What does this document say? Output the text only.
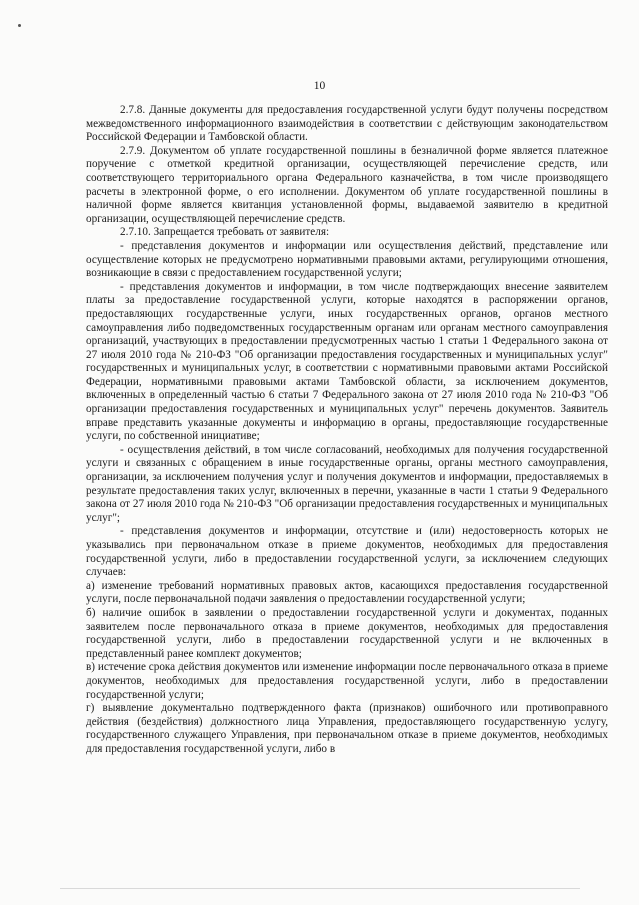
10

2.7.8. Данные документы для предоставления государственной услуги будут получены посредством межведомственного информационного взаимодействия в соответствии с действующим законодательством Российской Федерации и Тамбовской области.

2.7.9. Документом об уплате государственной пошлины в безналичной форме является платежное поручение с отметкой кредитной организации, осуществляющей перечисление средств, или соответствующего территориального органа Федерального казначейства, в том числе производящего расчеты в электронной форме, о его исполнении. Документом об уплате государственной пошлины в наличной форме является квитанция установленной формы, выдаваемой заявителю в кредитной организации, осуществляющей перечисление средств.

2.7.10. Запрещается требовать от заявителя:

- представления документов и информации или осуществления действий, представление или осуществление которых не предусмотрено нормативными правовыми актами, регулирующими отношения, возникающие в связи с предоставлением государственной услуги;

- представления документов и информации, в том числе подтверждающих внесение заявителем платы за предоставление государственной услуги, которые находятся в распоряжении органов, предоставляющих государственные услуги, иных государственных органов, органов местного самоуправления либо подведомственных государственным органам или органам местного самоуправления организаций, участвующих в предоставлении предусмотренных частью 1 статьи 1 Федерального закона от 27 июля 2010 года № 210-ФЗ "Об организации предоставления государственных и муниципальных услуг" государственных и муниципальных услуг, в соответствии с нормативными правовыми актами Российской Федерации, нормативными правовыми актами Тамбовской области, за исключением документов, включенных в определенный частью 6 статьи 7 Федерального закона от 27 июля 2010 года № 210-ФЗ "Об организации предоставления государственных и муниципальных услуг" перечень документов. Заявитель вправе представить указанные документы и информацию в органы, предоставляющие государственные услуги, по собственной инициативе;

- осуществления действий, в том числе согласований, необходимых для получения государственной услуги и связанных с обращением в иные государственные органы, органы местного самоуправления, организации, за исключением получения услуг и получения документов и информации, предоставляемых в результате предоставления таких услуг, включенных в перечни, указанные в части 1 статьи 9 Федерального закона от 27 июля 2010 года № 210-ФЗ "Об организации предоставления государственных и муниципальных услуг";

- представления документов и информации, отсутствие и (или) недостоверность которых не указывались при первоначальном отказе в приеме документов, необходимых для предоставления государственной услуги, либо в предоставлении государственной услуги, за исключением следующих случаев:

а) изменение требований нормативных правовых актов, касающихся предоставления государственной услуги, после первоначальной подачи заявления о предоставлении государственной услуги;

б) наличие ошибок в заявлении о предоставлении государственной услуги и документах, поданных заявителем после первоначального отказа в приеме документов, необходимых для предоставления государственной услуги, либо в предоставлении государственной услуги и не включенных в представленный ранее комплект документов;

в) истечение срока действия документов или изменение информации после первоначального отказа в приеме документов, необходимых для предоставления государственной услуги, либо в предоставлении государственной услуги;

г) выявление документально подтвержденного факта (признаков) ошибочного или противоправного действия (бездействия) должностного лица Управления, предоставляющего государственную услугу, государственного служащего Управления, при первоначальном отказе в приеме документов, необходимых для предоставления государственной услуги, либо в
